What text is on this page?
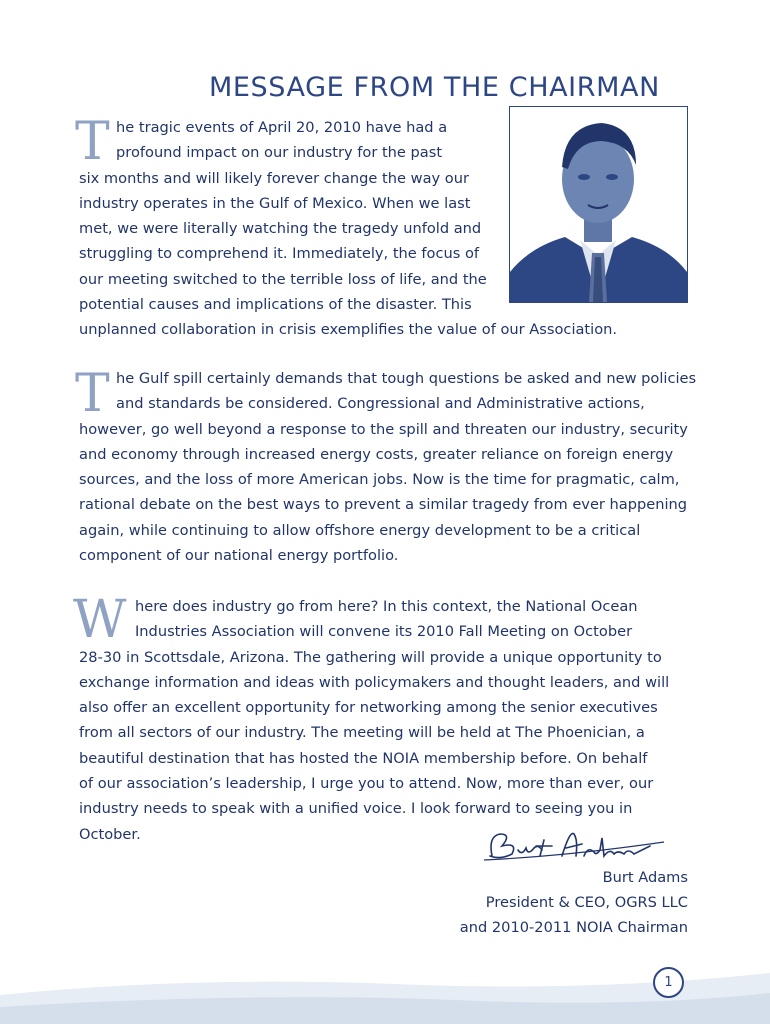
MESSAGE FROM THE CHAIRMAN
T he tragic events of April 20, 2010 have had a
profound impact on our industry for the past
six months and will likely forever change the way our
industry operates in the Gulf of Mexico. When we last
met, we were literally watching the tragedy unfold and
struggling to comprehend it. Immediately, the focus of
our meeting switched to the terrible loss of life, and the
potential causes and implications of the disaster. This
unplanned collaboration in crisis exemplifies the value of our Association.
T he Gulf spill certainly demands that tough questions be asked and new policies
and standards be considered. Congressional and Administrative actions,
however, go well beyond a response to the spill and threaten our industry, security
and economy through increased energy costs, greater reliance on foreign energy
sources, and the loss of more American jobs. Now is the time for pragmatic, calm,
rational debate on the best ways to prevent a similar tragedy from ever happening
again, while continuing to allow offshore energy development to be a critical
component of our national energy portfolio.
W here does industry go from here? In this context, the National Ocean
Industries Association will convene its 2010 Fall Meeting on October
28-30 in Scottsdale, Arizona. The gathering will provide a unique opportunity to
exchange information and ideas with policymakers and thought leaders, and will
also offer an excellent opportunity for networking among the senior executives
from all sectors of our industry. The meeting will be held at The Phoenician, a
beautiful destination that has hosted the NOIA membership before. On behalf
of our association’s leadership, I urge you to attend. Now, more than ever, our
industry needs to speak with a unified voice. I look forward to seeing you in
October.
Burt Adams
President & CEO, OGRS LLC
and 2010-2011 NOIA Chairman
1
